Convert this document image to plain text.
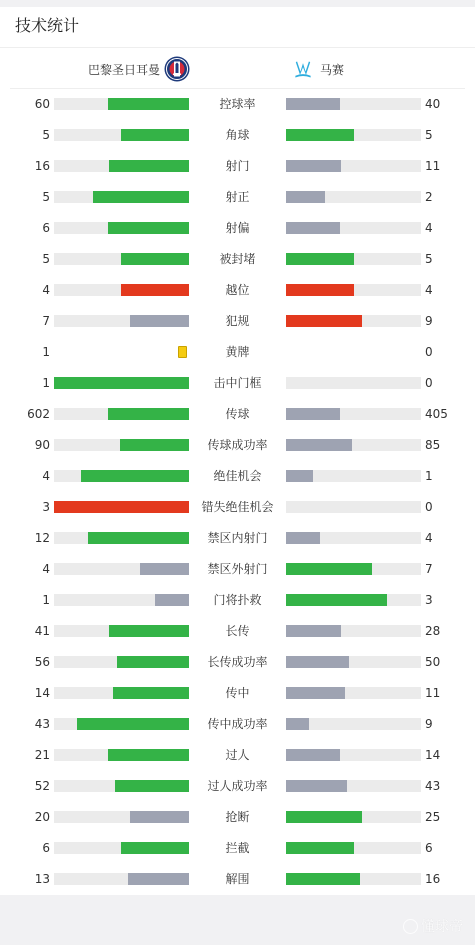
技术统计
巴黎圣日耳曼	马赛
60	控球率	40
5	角球	5
16	射门	11
5	射正	2
6	射偏	4
5	被封堵	5
4	越位	4
7	犯规	9
1	黄牌	0
1	击中门框	0
602	传球	405
90	传球成功率	85
4	绝佳机会	1
3	错失绝佳机会	0
12	禁区内射门	4
4	禁区外射门	7
1	门将扑救	3
41	长传	28
56	长传成功率	50
14	传中	11
43	传中成功率	9
21	过人	14
52	过人成功率	43
20	抢断	25
6	拦截	6
13	解围	16
懂球帝
